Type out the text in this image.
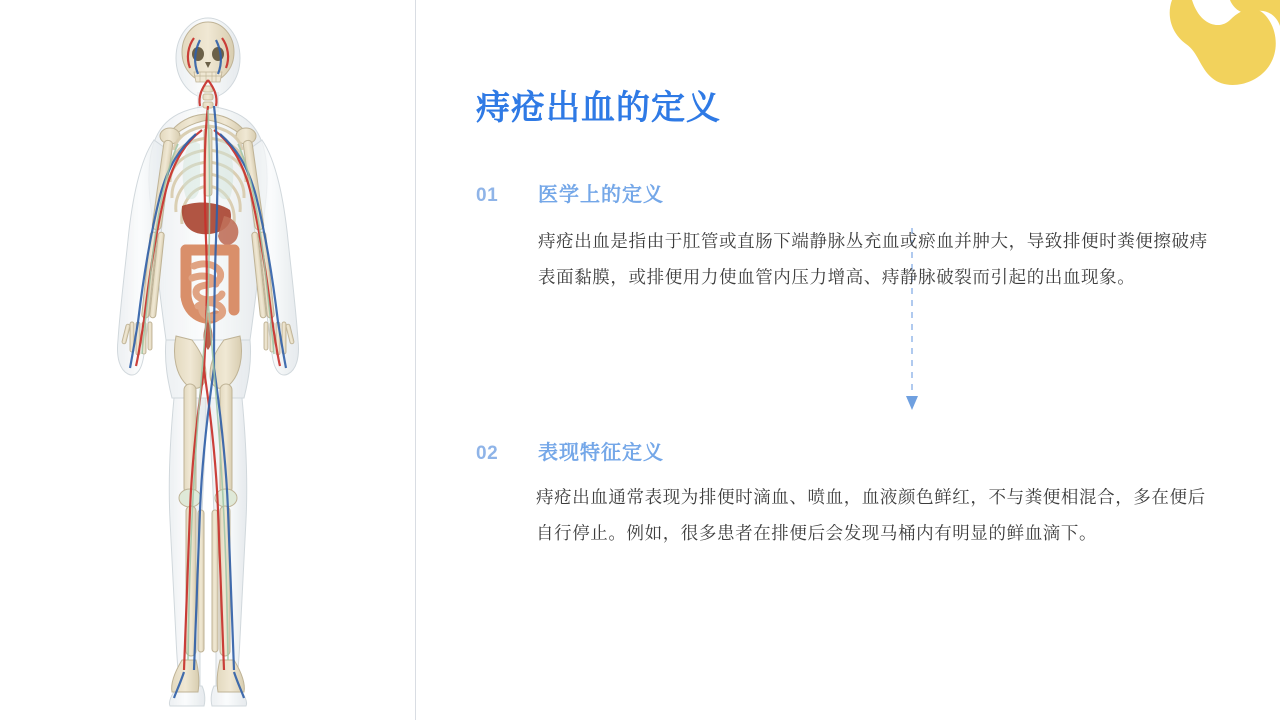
痔疮出血的定义
01 医学上的定义
痔疮出血是指由于肛管或直肠下端静脉丛充血或瘀血并肿大，导致排便时粪便擦破痔表面黏膜，或排便用力使血管内压力增高、痔静脉破裂而引起的出血现象。
02 表现特征定义
痔疮出血通常表现为排便时滴血、喷血，血液颜色鲜红，不与粪便相混合，多在便后自行停止。例如，很多患者在排便后会发现马桶内有明显的鲜血滴下。
